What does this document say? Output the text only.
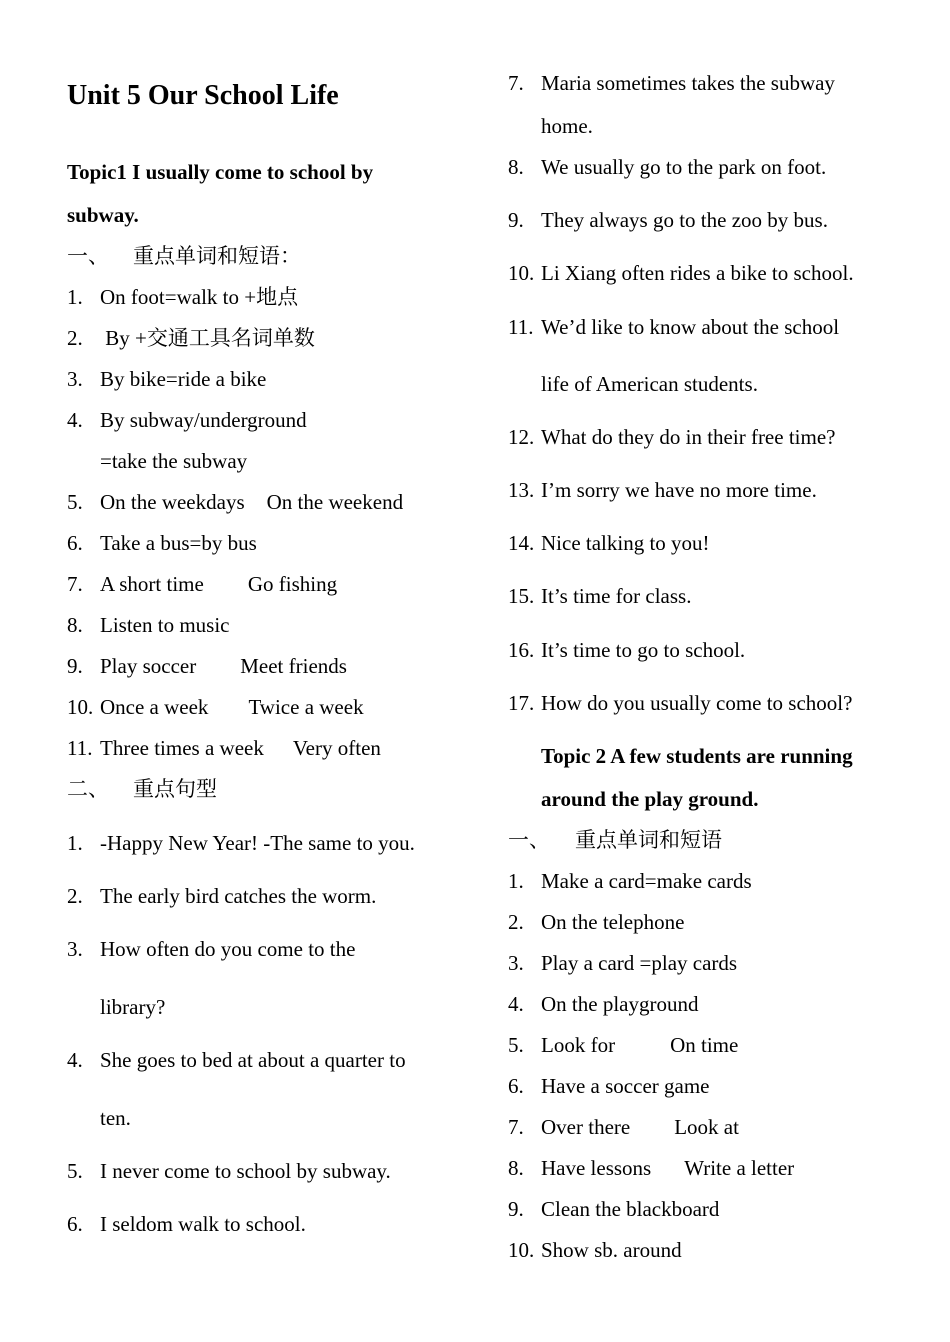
Unit 5 Our School Life
Topic1 I usually come to school by
subway.
一、 重点单词和短语：
1. On foot=walk to +地点
2. By +交通工具名词单数
3. By bike=ride a bike
4. By subway/underground
=take the subway
5. On the weekdays On the weekend
6. Take a bus=by bus
7. A short time Go fishing
8. Listen to music
9. Play soccer Meet friends
10. Once a week Twice a week
11. Three times a week Very often
二、 重点句型
1. -Happy New Year! -The same to you.
2. The early bird catches the worm.
3. How often do you come to the
library?
4. She goes to bed at about a quarter to
ten.
5. I never come to school by subway.
6. I seldom walk to school.
7. Maria sometimes takes the subway
home.
8. We usually go to the park on foot.
9. They always go to the zoo by bus.
10. Li Xiang often rides a bike to school.
11. We’d like to know about the school
life of American students.
12. What do they do in their free time?
13. I’m sorry we have no more time.
14. Nice talking to you!
15. It’s time for class.
16. It’s time to go to school.
17. How do you usually come to school?
Topic 2 A few students are running
around the play ground.
一、 重点单词和短语
1. Make a card=make cards
2. On the telephone
3. Play a card =play cards
4. On the playground
5. Look for	On time
6. Have a soccer game
7. Over there Look at
8. Have lessons Write a letter
9. Clean the blackboard
10. Show sb. around
